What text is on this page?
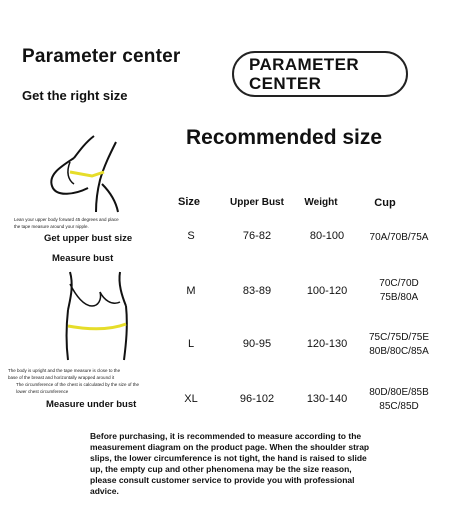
Parameter center
Get the right size
PARAMETER
CENTER
Recommended size
Size	Upper Bust	Weight	Cup
S	76-82	80-100	70A/70B/75A
M	83-89	100-120
70C/70D
75B/80A
L	90-95	120-130
75C/75D/75E
80B/80C/85A
XL	96-102	130-140
80D/80E/85B
85C/85D
Lean your upper body forward 45 degrees and place
the tape measure around your nipple.
Get upper bust size
Measure bust
The body is upright and the tape measure is close to the
base of the breast and horizontally wrapped around it
The circumference of the chest is calculated by the size of the
lower chest circumference
Measure under bust
Before purchasing, it is recommended to measure according to the
measurement diagram on the product page. When the shoulder strap
slips, the lower circumference is not tight, the hand is raised to slide
up, the empty cup and other phenomena may be the size reason,
please consult customer service to provide you with professional
advice.
